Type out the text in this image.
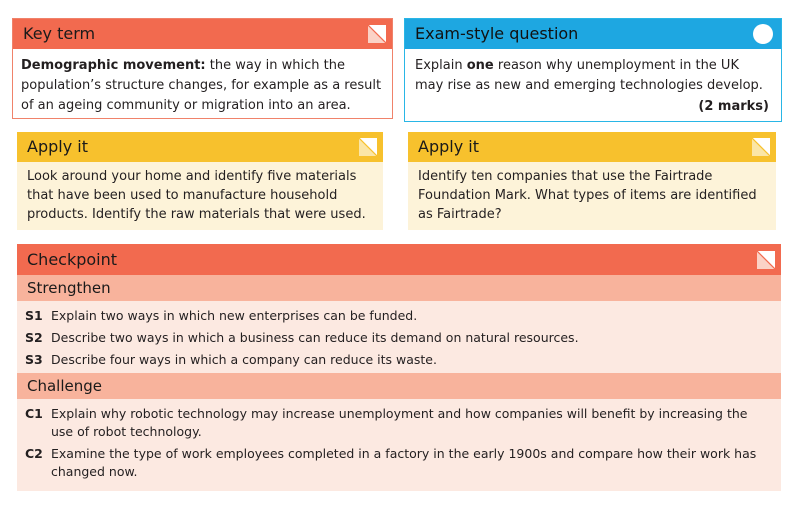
Key term
Demographic movement: the way in which the population’s structure changes, for example as a result of an ageing community or migration into an area.
Exam-style question
Explain one reason why unemployment in the UK may rise as new and emerging technologies develop.
(2 marks)
Apply it
Look around your home and identify five materials that have been used to manufacture household products. Identify the raw materials that were used.
Apply it
Identify ten companies that use the Fairtrade Foundation Mark. What types of items are identified as Fairtrade?
Checkpoint
Strengthen
S1 Explain two ways in which new enterprises can be funded.
S2 Describe two ways in which a business can reduce its demand on natural resources.
S3 Describe four ways in which a company can reduce its waste.
Challenge
C1 Explain why robotic technology may increase unemployment and how companies will benefit by increasing the use of robot technology.
C2 Examine the type of work employees completed in a factory in the early 1900s and compare how their work has changed now.
